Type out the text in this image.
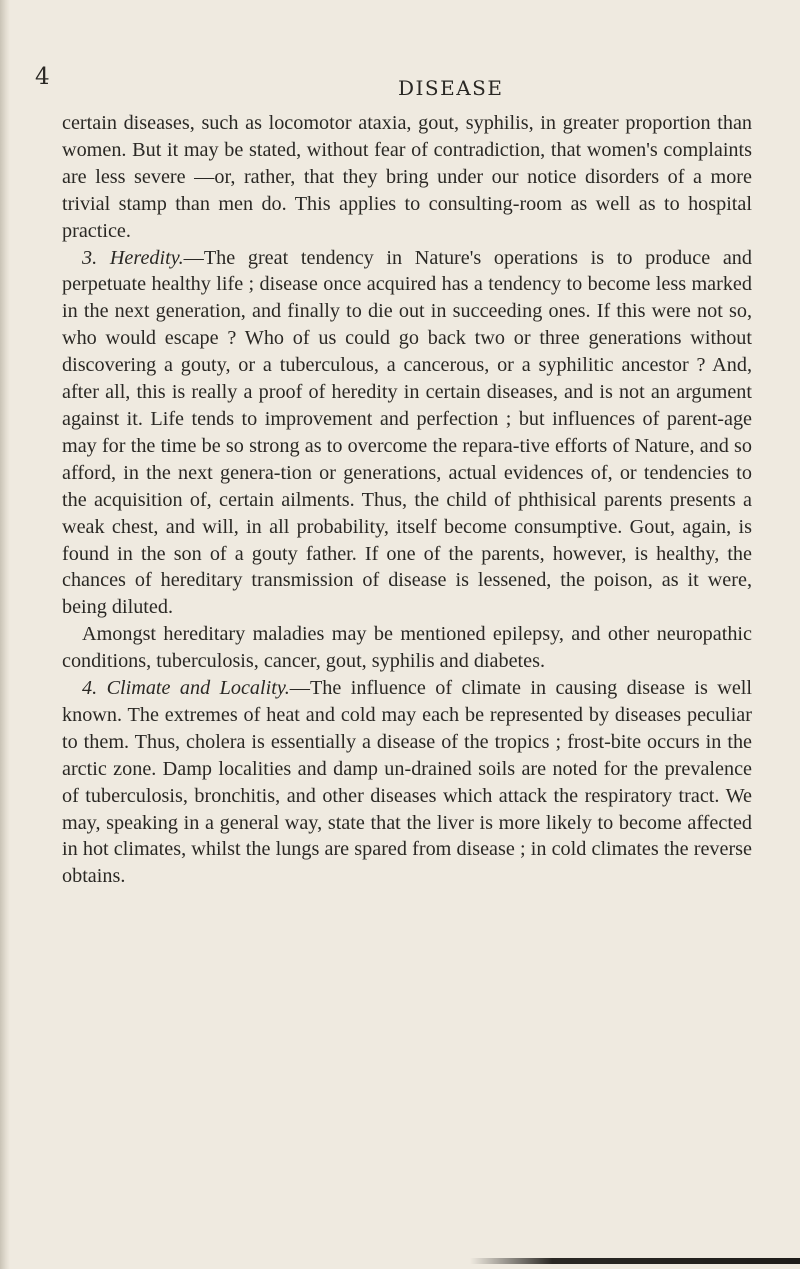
4	DISEASE

certain diseases, such as locomotor ataxia, gout, syphilis, in greater proportion than women. But it may be stated, without fear of contradiction, that women's complaints are less severe —or, rather, that they bring under our notice disorders of a more trivial stamp than men do. This applies to consulting-room as well as to hospital practice.

3. Heredity.—The great tendency in Nature's operations is to produce and perpetuate healthy life ; disease once acquired has a tendency to become less marked in the next generation, and finally to die out in succeeding ones. If this were not so, who would escape ? Who of us could go back two or three generations without discovering a gouty, or a tuberculous, a cancerous, or a syphilitic ancestor ? And, after all, this is really a proof of heredity in certain diseases, and is not an argument against it. Life tends to improvement and perfection ; but influences of parent-age may for the time be so strong as to overcome the repara-tive efforts of Nature, and so afford, in the next genera-tion or generations, actual evidences of, or tendencies to the acquisition of, certain ailments. Thus, the child of phthisical parents presents a weak chest, and will, in all probability, itself become consumptive. Gout, again, is found in the son of a gouty father. If one of the parents, however, is healthy, the chances of hereditary transmission of disease is lessened, the poison, as it were, being diluted.

Amongst hereditary maladies may be mentioned epilepsy, and other neuropathic conditions, tuberculosis, cancer, gout, syphilis and diabetes.

4. Climate and Locality.—The influence of climate in causing disease is well known. The extremes of heat and cold may each be represented by diseases peculiar to them. Thus, cholera is essentially a disease of the tropics ; frost-bite occurs in the arctic zone. Damp localities and damp un-drained soils are noted for the prevalence of tuberculosis, bronchitis, and other diseases which attack the respiratory tract. We may, speaking in a general way, state that the liver is more likely to become affected in hot climates, whilst the lungs are spared from disease ; in cold climates the reverse obtains.
